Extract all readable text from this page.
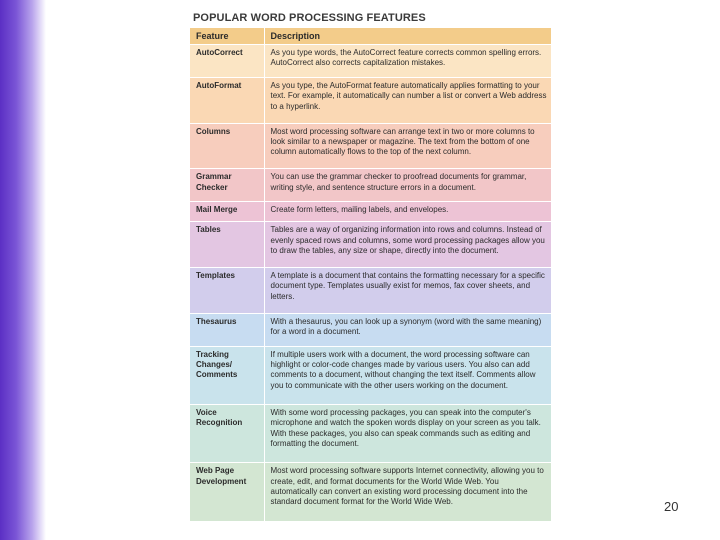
POPULAR WORD PROCESSING FEATURES
Feature	Description
AutoCorrect	As you type words, the AutoCorrect feature corrects common spelling errors. AutoCorrect also corrects capitalization mistakes.
AutoFormat	As you type, the AutoFormat feature automatically applies formatting to your text. For example, it automatically can number a list or convert a Web address to a hyperlink.
Columns	Most word processing software can arrange text in two or more columns to look similar to a newspaper or magazine. The text from the bottom of one column automatically flows to the top of the next column.
Grammar Checker	You can use the grammar checker to proofread documents for grammar, writing style, and sentence structure errors in a document.
Mail Merge	Create form letters, mailing labels, and envelopes.
Tables	Tables are a way of organizing information into rows and columns. Instead of evenly spaced rows and columns, some word processing packages allow you to draw the tables, any size or shape, directly into the document.
Templates	A template is a document that contains the formatting necessary for a specific document type. Templates usually exist for memos, fax cover sheets, and letters.
Thesaurus	With a thesaurus, you can look up a synonym (word with the same meaning) for a word in a document.
Tracking Changes/ Comments	If multiple users work with a document, the word processing software can highlight or color-code changes made by various users. You also can add comments to a document, without changing the text itself. Comments allow you to communicate with the other users working on the document.
Voice Recognition	With some word processing packages, you can speak into the computer's microphone and watch the spoken words display on your screen as you talk. With these packages, you also can speak commands such as editing and formatting the document.
Web Page Development	Most word processing software supports Internet connectivity, allowing you to create, edit, and format documents for the World Wide Web. You automatically can convert an existing word processing document into the standard document format for the World Wide Web.	20
